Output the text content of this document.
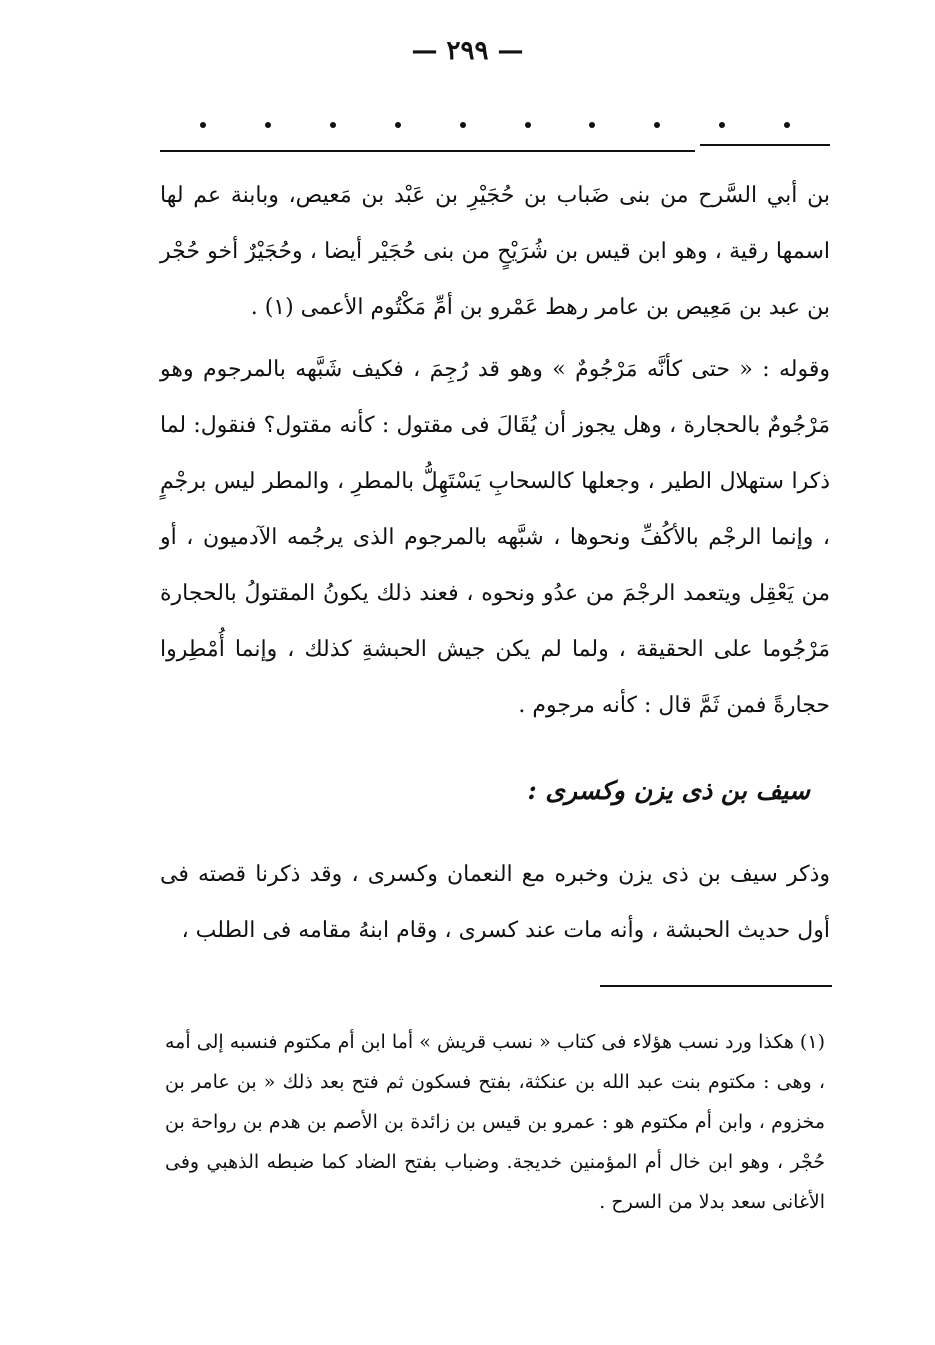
— ٢٩٩ —

بن أبي السَّرح من بنى ضَباب بن حُجَيْرِ بن عَبْد بن مَعيص، وبابنة عم لها اسمها رقية ، وهو ابن قيس بن شُرَيْحٍ من بنى حُجَيْر أيضا ، وحُجَيْرٌ أخو حُجْر بن عبد بن مَعِيص بن عامر رهط عَمْرو بن أمِّ مَكْتُوم الأعمى (١) .

وقوله : « حتى كأنَّه مَرْجُومٌ » وهو قد رُجِمَ ، فكيف شَبَّهه بالمرجوم وهو مَرْجُومٌ بالحجارة ، وهل يجوز أن يُقَالَ فى مقتول : كأنه مقتول؟ فنقول: لما ذكرا ستهلال الطير ، وجعلها كالسحابِ يَسْتَهِلُّ بالمطرِ ، والمطر ليس برجْمٍ ، وإنما الرجْم بالأكُفِّ ونحوها ، شبَّهه بالمرجوم الذى يرجُمه الآدميون ، أو من يَعْقِل ويتعمد الرجْمَ من عدُو ونحوه ، فعند ذلك يكونُ المقتولُ بالحجارة مَرْجُوما على الحقيقة ، ولما لم يكن جيش الحبشةِ كذلك ، وإنما أُمْطِروا حجارةً فمن ثَمَّ قال : كأنه مرجوم .

سيف بن ذى يزن وكسرى :

وذكر سيف بن ذى يزن وخبره مع النعمان وكسرى ، وقد ذكرنا قصته فى أول حديث الحبشة ، وأنه مات عند كسرى ، وقام ابنهُ مقامه فى الطلب ،

(١) هكذا ورد نسب هؤلاء فى كتاب « نسب قريش » أما ابن أم مكتوم فنسبه إلى أمه ، وهى : مكتوم بنت عبد الله بن عنكثة، بفتح فسكون ثم فتح بعد ذلك « بن عامر بن مخزوم ، وابن أم مكتوم هو : عمرو بن قيس بن زائدة بن الأصم بن هدم بن رواحة بن حُجْر ، وهو ابن خال أم المؤمنين خديجة. وضباب بفتح الضاد كما ضبطه الذهبي وفى الأغانى سعد بدلا من السرح .
